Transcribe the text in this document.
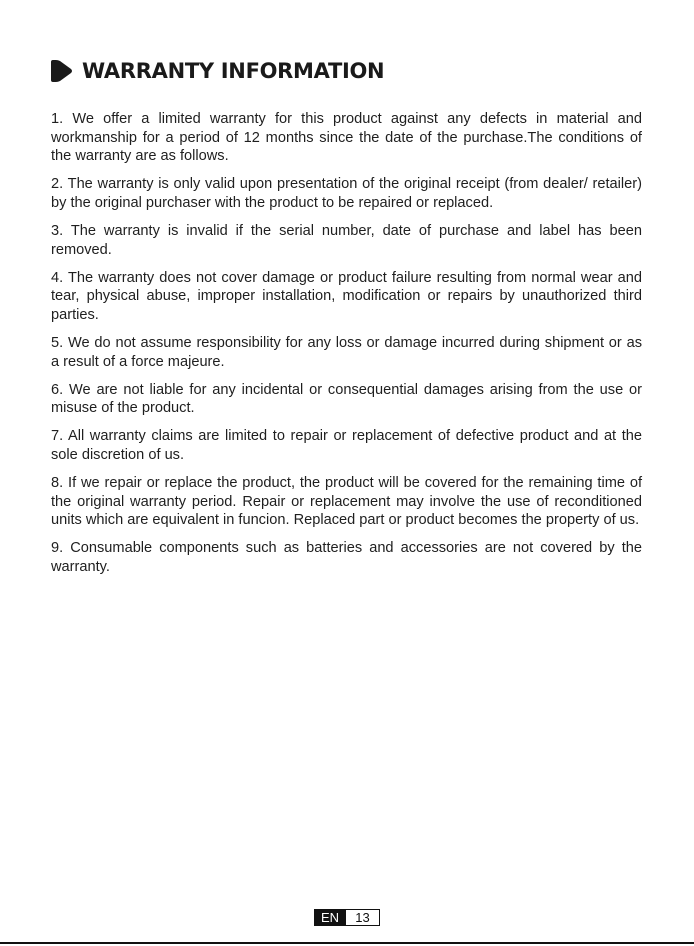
WARRANTY INFORMATION

1. We offer a limited warranty for this product against any defects in material and workmanship for a period of 12 months since the date of the purchase.The conditions of the warranty are as follows.

2. The warranty is only valid upon presentation of the original receipt (from dealer/ retailer) by the original purchaser with the product to be repaired or replaced.

3. The warranty is invalid if the serial number, date of purchase and label has been removed.

4. The warranty does not cover damage or product failure resulting from normal wear and tear, physical abuse, improper installation, modification or repairs by unauthorized third parties.

5. We do not assume responsibility for any loss or damage incurred during shipment or as a result of a force majeure.

6. We are not liable for any incidental or consequential damages arising from the use or misuse of the product.

7. All warranty claims are limited to repair or replacement of defective product and at the sole discretion of us.

8. If we repair or replace the product, the product will be covered for the remaining time of the original warranty period. Repair or replacement may involve the use of reconditioned units which are equivalent in funcion. Replaced part or product becomes the property of us.

9. Consumable components such as batteries and accessories are not covered by the warranty.

EN	13
